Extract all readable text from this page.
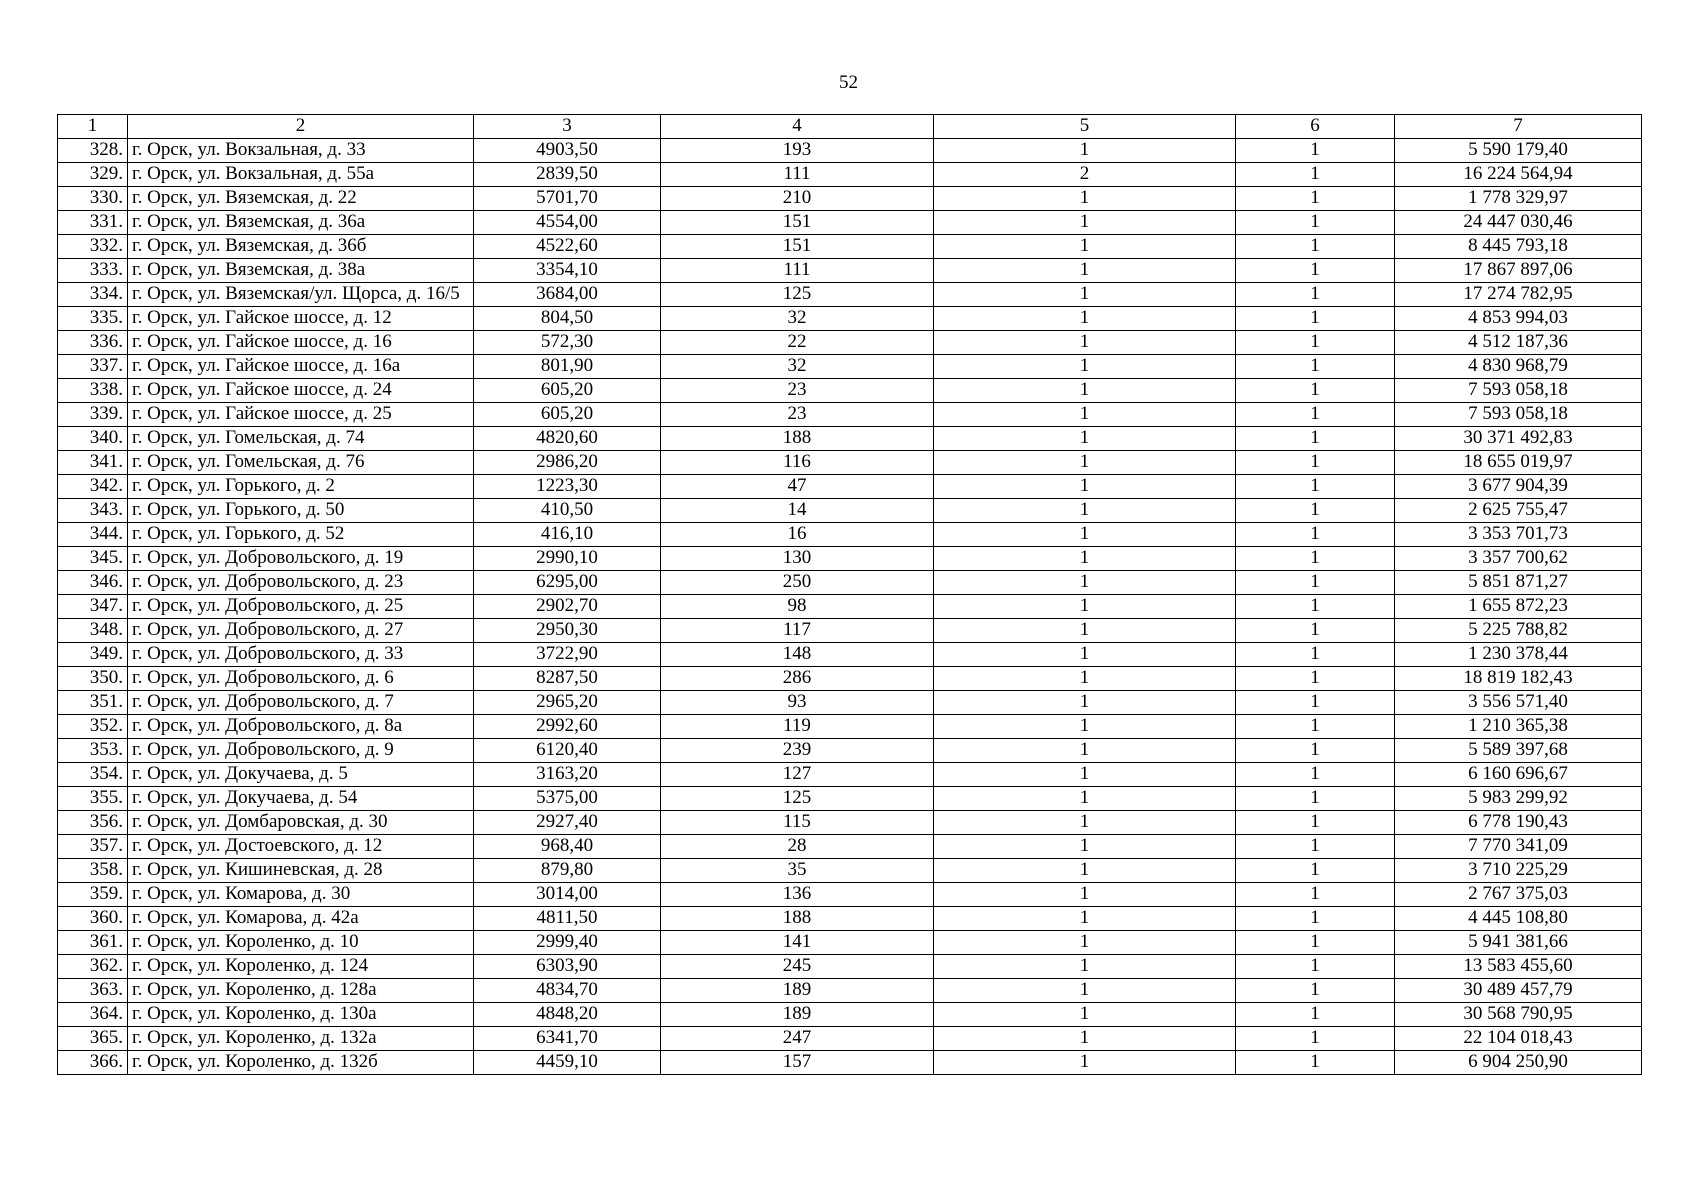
52
1	2	3	4	5	6	7
328.	г. Орск, ул. Вокзальная, д. 33	4903,50	193	1	1	5 590 179,40
329.	г. Орск, ул. Вокзальная, д. 55а	2839,50	111	2	1	16 224 564,94
330.	г. Орск, ул. Вяземская, д. 22	5701,70	210	1	1	1 778 329,97
331.	г. Орск, ул. Вяземская, д. 36а	4554,00	151	1	1	24 447 030,46
332.	г. Орск, ул. Вяземская, д. 36б	4522,60	151	1	1	8 445 793,18
333.	г. Орск, ул. Вяземская, д. 38а	3354,10	111	1	1	17 867 897,06
334.	г. Орск, ул. Вяземская/ул. Щорса, д. 16/5	3684,00	125	1	1	17 274 782,95
335.	г. Орск, ул. Гайское шоссе, д. 12	804,50	32	1	1	4 853 994,03
336.	г. Орск, ул. Гайское шоссе, д. 16	572,30	22	1	1	4 512 187,36
337.	г. Орск, ул. Гайское шоссе, д. 16а	801,90	32	1	1	4 830 968,79
338.	г. Орск, ул. Гайское шоссе, д. 24	605,20	23	1	1	7 593 058,18
339.	г. Орск, ул. Гайское шоссе, д. 25	605,20	23	1	1	7 593 058,18
340.	г. Орск, ул. Гомельская, д. 74	4820,60	188	1	1	30 371 492,83
341.	г. Орск, ул. Гомельская, д. 76	2986,20	116	1	1	18 655 019,97
342.	г. Орск, ул. Горького, д. 2	1223,30	47	1	1	3 677 904,39
343.	г. Орск, ул. Горького, д. 50	410,50	14	1	1	2 625 755,47
344.	г. Орск, ул. Горького, д. 52	416,10	16	1	1	3 353 701,73
345.	г. Орск, ул. Добровольского, д. 19	2990,10	130	1	1	3 357 700,62
346.	г. Орск, ул. Добровольского, д. 23	6295,00	250	1	1	5 851 871,27
347.	г. Орск, ул. Добровольского, д. 25	2902,70	98	1	1	1 655 872,23
348.	г. Орск, ул. Добровольского, д. 27	2950,30	117	1	1	5 225 788,82
349.	г. Орск, ул. Добровольского, д. 33	3722,90	148	1	1	1 230 378,44
350.	г. Орск, ул. Добровольского, д. 6	8287,50	286	1	1	18 819 182,43
351.	г. Орск, ул. Добровольского, д. 7	2965,20	93	1	1	3 556 571,40
352.	г. Орск, ул. Добровольского, д. 8а	2992,60	119	1	1	1 210 365,38
353.	г. Орск, ул. Добровольского, д. 9	6120,40	239	1	1	5 589 397,68
354.	г. Орск, ул. Докучаева, д. 5	3163,20	127	1	1	6 160 696,67
355.	г. Орск, ул. Докучаева, д. 54	5375,00	125	1	1	5 983 299,92
356.	г. Орск, ул. Домбаровская, д. 30	2927,40	115	1	1	6 778 190,43
357.	г. Орск, ул. Достоевского, д. 12	968,40	28	1	1	7 770 341,09
358.	г. Орск, ул. Кишиневская, д. 28	879,80	35	1	1	3 710 225,29
359.	г. Орск, ул. Комарова, д. 30	3014,00	136	1	1	2 767 375,03
360.	г. Орск, ул. Комарова, д. 42а	4811,50	188	1	1	4 445 108,80
361.	г. Орск, ул. Короленко, д. 10	2999,40	141	1	1	5 941 381,66
362.	г. Орск, ул. Короленко, д. 124	6303,90	245	1	1	13 583 455,60
363.	г. Орск, ул. Короленко, д. 128а	4834,70	189	1	1	30 489 457,79
364.	г. Орск, ул. Короленко, д. 130а	4848,20	189	1	1	30 568 790,95
365.	г. Орск, ул. Короленко, д. 132а	6341,70	247	1	1	22 104 018,43
366.	г. Орск, ул. Короленко, д. 132б	4459,10	157	1	1	6 904 250,90
